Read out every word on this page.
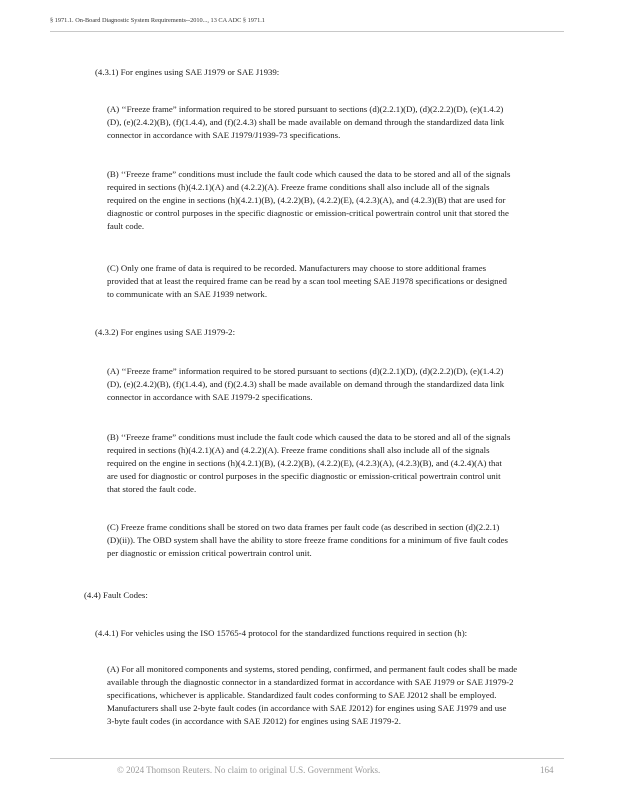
§ 1971.1. On-Board Diagnostic System Requirements--2010..., 13 CA ADC § 1971.1
(4.3.1) For engines using SAE J1979 or SAE J1939:
(A) ‘‘Freeze frame” information required to be stored pursuant to sections (d)(2.2.1)(D), (d)(2.2.2)(D), (e)(1.4.2)
(D), (e)(2.4.2)(B), (f)(1.4.4), and (f)(2.4.3) shall be made available on demand through the standardized data link
connector in accordance with SAE J1979/J1939-73 specifications.
(B) ‘‘Freeze frame” conditions must include the fault code which caused the data to be stored and all of the signals
required in sections (h)(4.2.1)(A) and (4.2.2)(A). Freeze frame conditions shall also include all of the signals
required on the engine in sections (h)(4.2.1)(B), (4.2.2)(B), (4.2.2)(E), (4.2.3)(A), and (4.2.3)(B) that are used for
diagnostic or control purposes in the specific diagnostic or emission-critical powertrain control unit that stored the
fault code.
(C) Only one frame of data is required to be recorded. Manufacturers may choose to store additional frames
provided that at least the required frame can be read by a scan tool meeting SAE J1978 specifications or designed
to communicate with an SAE J1939 network.
(4.3.2) For engines using SAE J1979-2:
(A) ‘‘Freeze frame” information required to be stored pursuant to sections (d)(2.2.1)(D), (d)(2.2.2)(D), (e)(1.4.2)
(D), (e)(2.4.2)(B), (f)(1.4.4), and (f)(2.4.3) shall be made available on demand through the standardized data link
connector in accordance with SAE J1979-2 specifications.
(B) ‘‘Freeze frame” conditions must include the fault code which caused the data to be stored and all of the signals
required in sections (h)(4.2.1)(A) and (4.2.2)(A). Freeze frame conditions shall also include all of the signals
required on the engine in sections (h)(4.2.1)(B), (4.2.2)(B), (4.2.2)(E), (4.2.3)(A), (4.2.3)(B), and (4.2.4)(A) that
are used for diagnostic or control purposes in the specific diagnostic or emission-critical powertrain control unit
that stored the fault code.
(C) Freeze frame conditions shall be stored on two data frames per fault code (as described in section (d)(2.2.1)
(D)(ii)). The OBD system shall have the ability to store freeze frame conditions for a minimum of five fault codes
per diagnostic or emission critical powertrain control unit.
(4.4) Fault Codes:
(4.4.1) For vehicles using the ISO 15765-4 protocol for the standardized functions required in section (h):
(A) For all monitored components and systems, stored pending, confirmed, and permanent fault codes shall be made
available through the diagnostic connector in a standardized format in accordance with SAE J1979 or SAE J1979-2
specifications, whichever is applicable. Standardized fault codes conforming to SAE J2012 shall be employed.
Manufacturers shall use 2-byte fault codes (in accordance with SAE J2012) for engines using SAE J1979 and use
3-byte fault codes (in accordance with SAE J2012) for engines using SAE J1979-2.
© 2024 Thomson Reuters. No claim to original U.S. Government Works.	164
